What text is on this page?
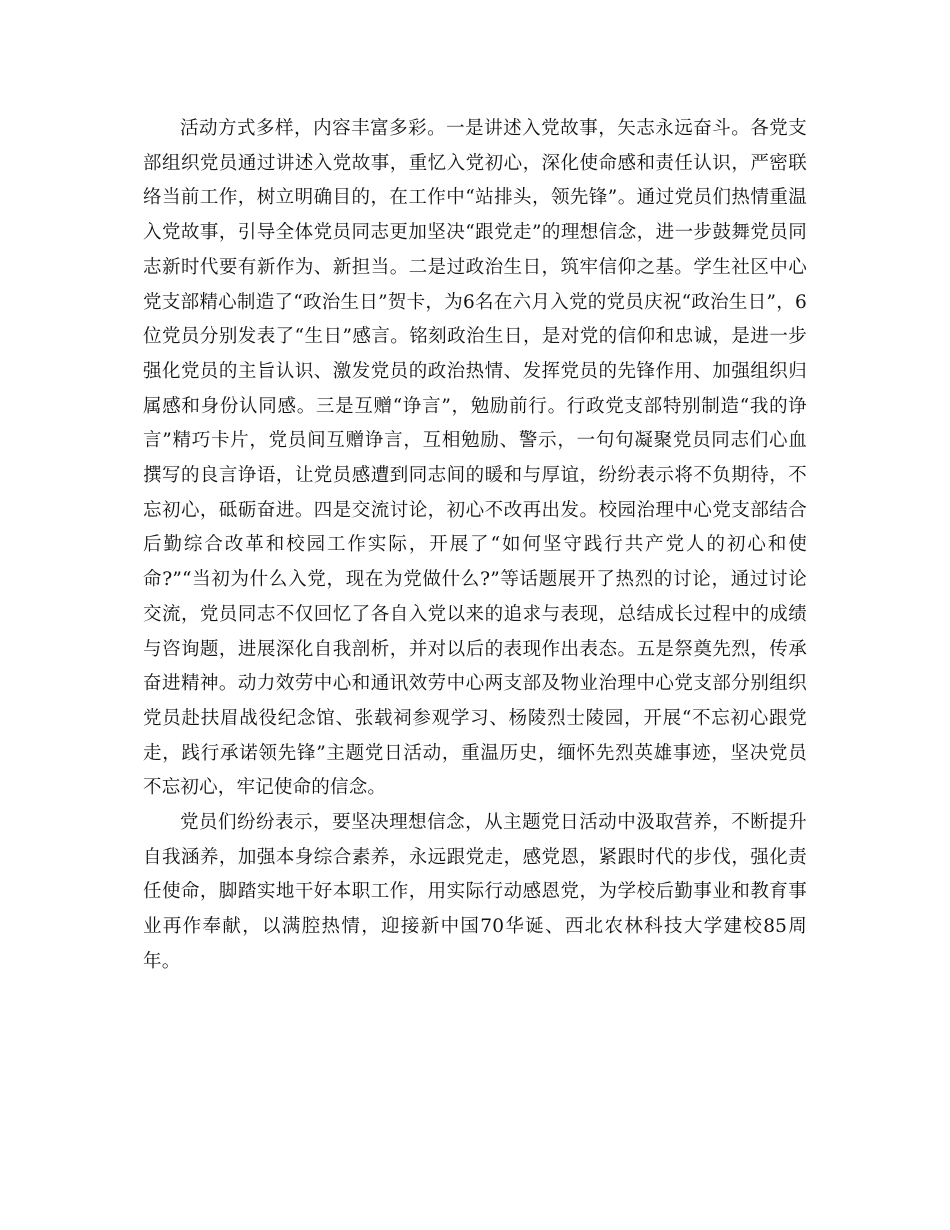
活动方式多样，内容丰富多彩。一是讲述入党故事，矢志永远奋斗。各党支部组织党员通过讲述入党故事，重忆入党初心，深化使命感和责任认识，严密联络当前工作，树立明确目的，在工作中“站排头，领先锋”。通过党员们热情重温入党故事，引导全体党员同志更加坚决“跟党走”的理想信念，进一步鼓舞党员同志新时代要有新作为、新担当。二是过政治生日，筑牢信仰之基。学生社区中心党支部精心制造了“政治生日”贺卡，为6名在六月入党的党员庆祝“政治生日”，6位党员分别发表了“生日”感言。铭刻政治生日，是对党的信仰和忠诚，是进一步强化党员的主旨认识、激发党员的政治热情、发挥党员的先锋作用、加强组织归属感和身份认同感。三是互赠“诤言”，勉励前行。行政党支部特别制造“我的诤言”精巧卡片，党员间互赠诤言，互相勉励、警示，一句句凝聚党员同志们心血撰写的良言诤语，让党员感遭到同志间的暖和与厚谊，纷纷表示将不负期待，不忘初心，砥砺奋进。四是交流讨论，初心不改再出发。校园治理中心党支部结合后勤综合改革和校园工作实际，开展了“如何坚守践行共产党人的初心和使命?”“当初为什么入党，现在为党做什么?”等话题展开了热烈的讨论，通过讨论交流，党员同志不仅回忆了各自入党以来的追求与表现，总结成长过程中的成绩与咨询题，进展深化自我剖析，并对以后的表现作出表态。五是祭奠先烈，传承奋进精神。动力效劳中心和通讯效劳中心两支部及物业治理中心党支部分别组织党员赴扶眉战役纪念馆、张载祠参观学习、杨陵烈士陵园，开展“不忘初心跟党走，践行承诺领先锋”主题党日活动，重温历史，缅怀先烈英雄事迹，坚决党员不忘初心，牢记使命的信念。

党员们纷纷表示，要坚决理想信念，从主题党日活动中汲取营养，不断提升自我涵养，加强本身综合素养，永远跟党走，感党恩，紧跟时代的步伐，强化责任使命，脚踏实地干好本职工作，用实际行动感恩党，为学校后勤事业和教育事业再作奉献，以满腔热情，迎接新中国70华诞、西北农林科技大学建校85周年。
